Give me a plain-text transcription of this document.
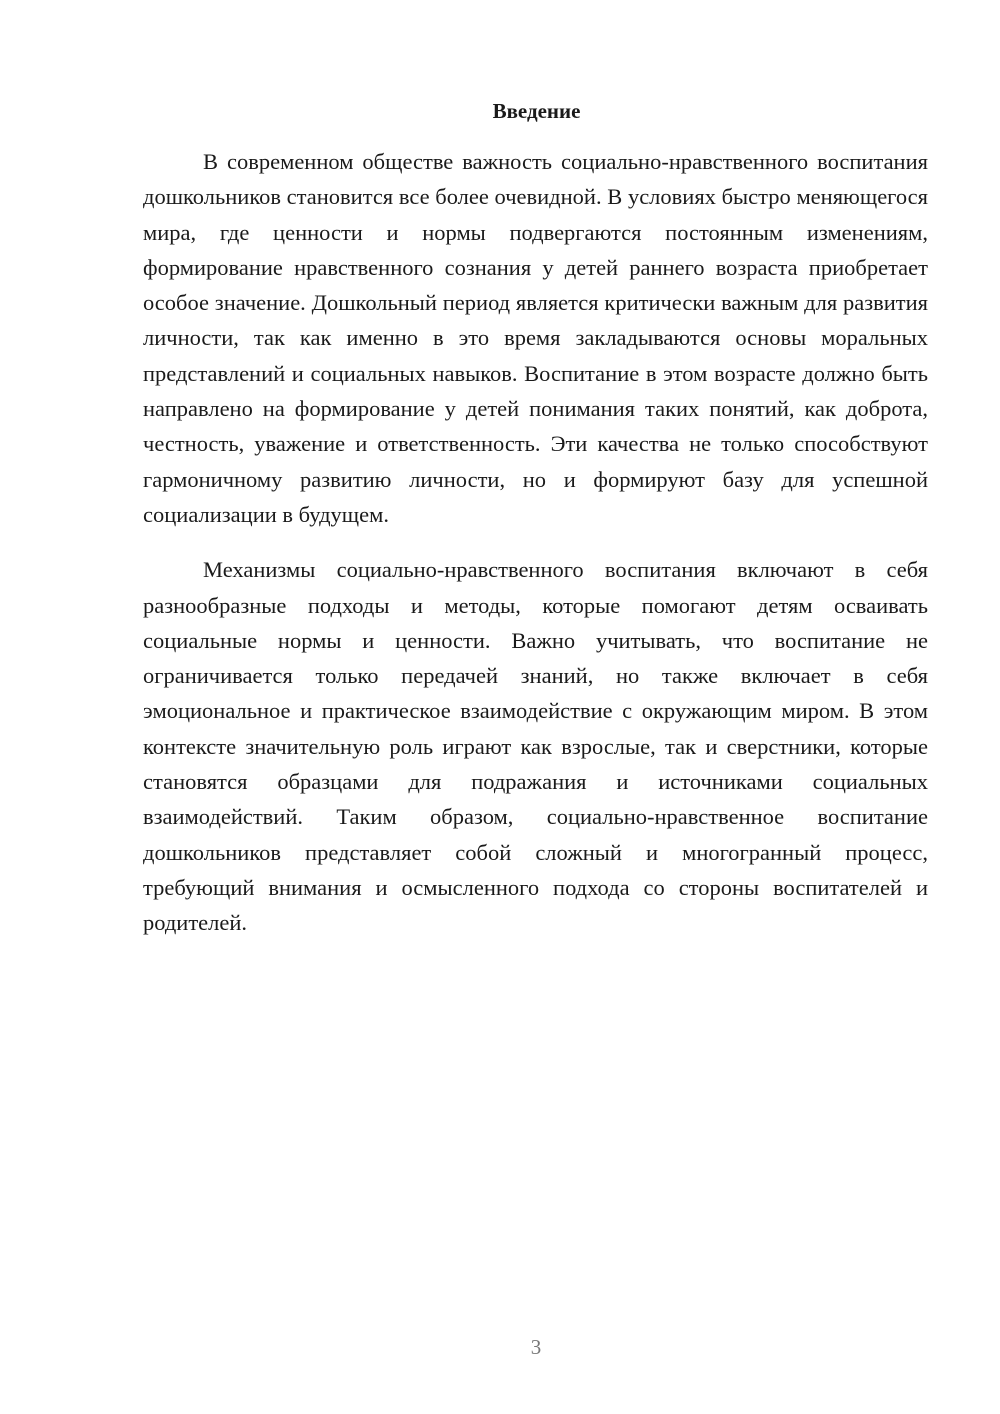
Введение

В современном обществе важность социально-нравственного воспитания дошкольников становится все более очевидной. В условиях быстро меняющегося мира, где ценности и нормы подвергаются постоянным изменениям, формирование нравственного сознания у детей раннего возраста приобретает особое значение. Дошкольный период является критически важным для развития личности, так как именно в это время закладываются основы моральных представлений и социальных навыков. Воспитание в этом возрасте должно быть направлено на формирование у детей понимания таких понятий, как доброта, честность, уважение и ответственность. Эти качества не только способствуют гармоничному развитию личности, но и формируют базу для успешной социализации в будущем.

Механизмы социально-нравственного воспитания включают в себя разнообразные подходы и методы, которые помогают детям осваивать социальные нормы и ценности. Важно учитывать, что воспитание не ограничивается только передачей знаний, но также включает в себя эмоциональное и практическое взаимодействие с окружающим миром. В этом контексте значительную роль играют как взрослые, так и сверстники, которые становятся образцами для подражания и источниками социальных взаимодействий. Таким образом, социально-нравственное воспитание дошкольников представляет собой сложный и многогранный процесс, требующий внимания и осмысленного подхода со стороны воспитателей и родителей.

3
